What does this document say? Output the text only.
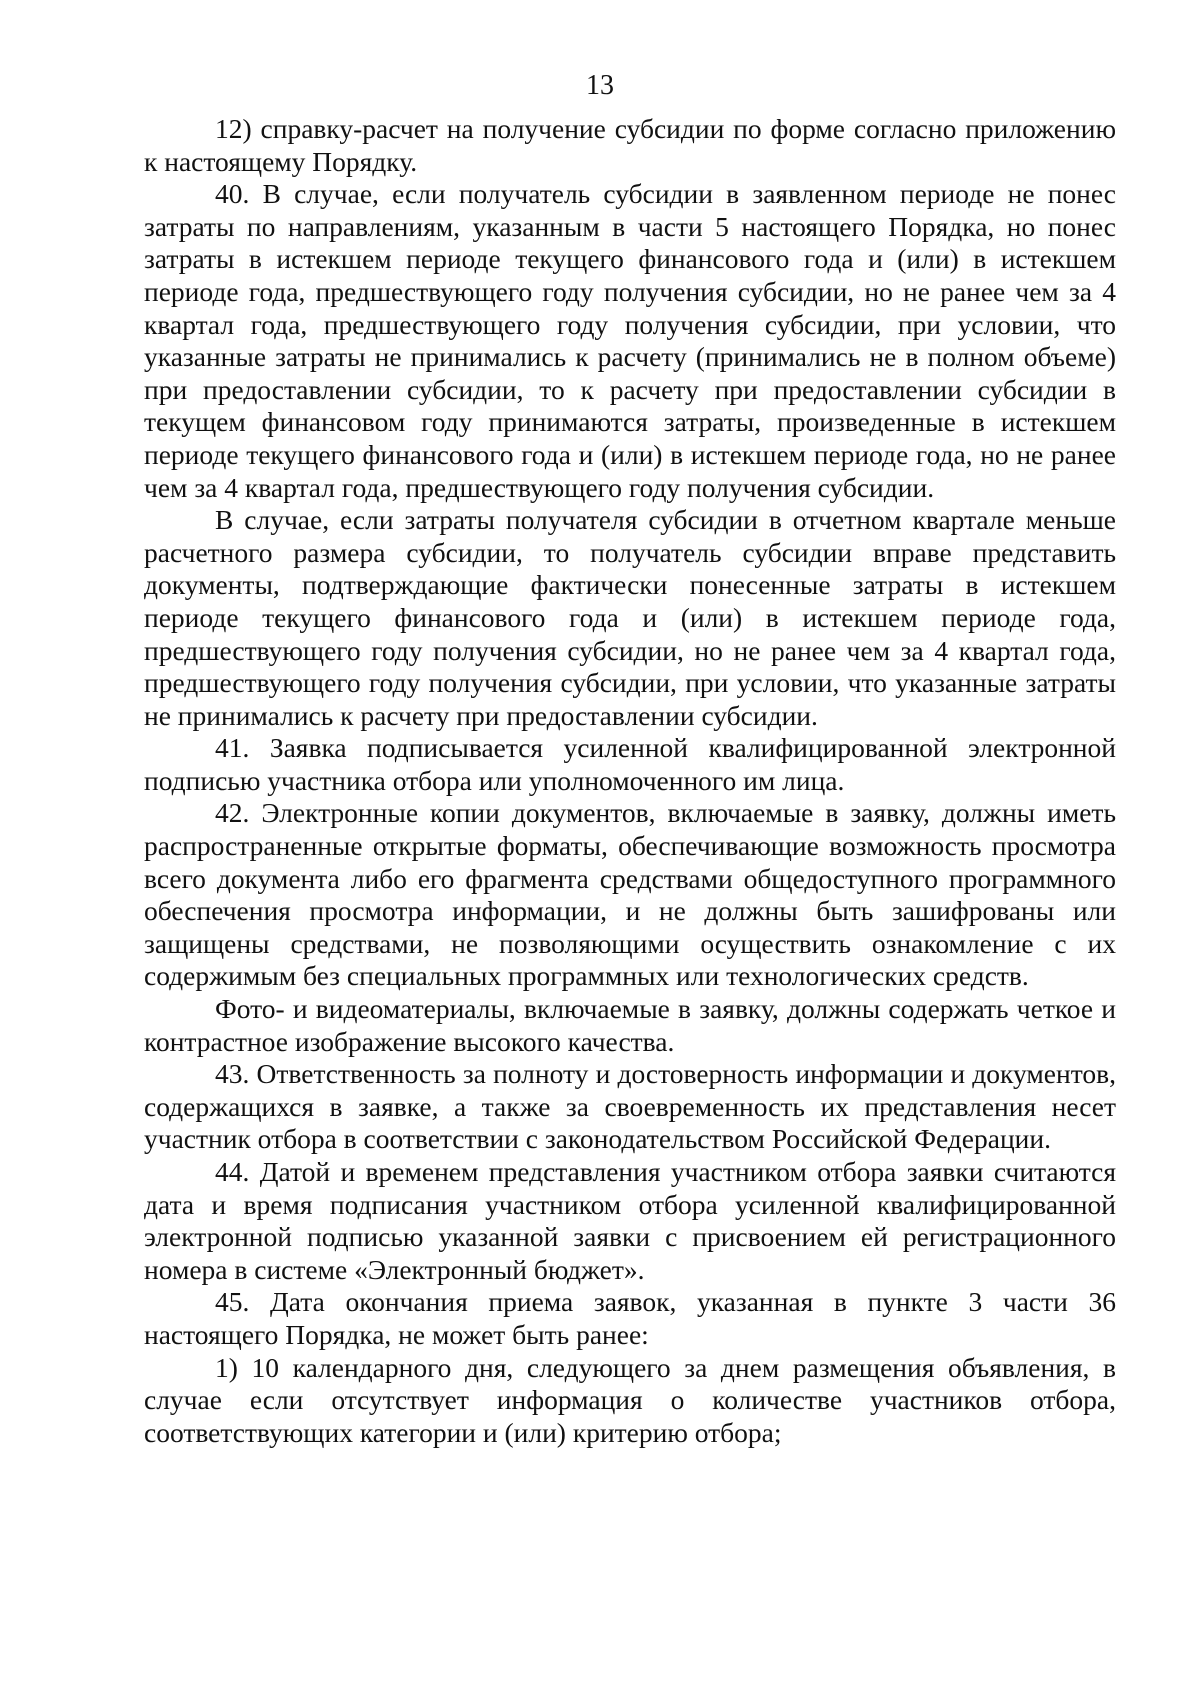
13

12) справку-расчет на получение субсидии по форме согласно приложению к настоящему Порядку.

40. В случае, если получатель субсидии в заявленном периоде не понес затраты по направлениям, указанным в части 5 настоящего Порядка, но понес затраты в истекшем периоде текущего финансового года и (или) в истекшем периоде года, предшествующего году получения субсидии, но не ранее чем за 4 квартал года, предшествующего году получения субсидии, при условии, что указанные затраты не принимались к расчету (принимались не в полном объеме) при предоставлении субсидии, то к расчету при предоставлении субсидии в текущем финансовом году принимаются затраты, произведенные в истекшем периоде текущего финансового года и (или) в истекшем периоде года, но не ранее чем за 4 квартал года, предшествующего году получения субсидии.

В случае, если затраты получателя субсидии в отчетном квартале меньше расчетного размера субсидии, то получатель субсидии вправе представить документы, подтверждающие фактически понесенные затраты в истекшем периоде текущего финансового года и (или) в истекшем периоде года, предшествующего году получения субсидии, но не ранее чем за 4 квартал года, предшествующего году получения субсидии, при условии, что указанные затраты не принимались к расчету при предоставлении субсидии.

41. Заявка подписывается усиленной квалифицированной электронной подписью участника отбора или уполномоченного им лица.

42. Электронные копии документов, включаемые в заявку, должны иметь распространенные открытые форматы, обеспечивающие возможность просмотра всего документа либо его фрагмента средствами общедоступного программного обеспечения просмотра информации, и не должны быть зашифрованы или защищены средствами, не позволяющими осуществить ознакомление с их содержимым без специальных программных или технологических средств.

Фото- и видеоматериалы, включаемые в заявку, должны содержать четкое и контрастное изображение высокого качества.

43. Ответственность за полноту и достоверность информации и документов, содержащихся в заявке, а также за своевременность их представления несет участник отбора в соответствии с законодательством Российской Федерации.

44. Датой и временем представления участником отбора заявки считаются дата и время подписания участником отбора усиленной квалифицированной электронной подписью указанной заявки с присвоением ей регистрационного номера в системе «Электронный бюджет».

45. Дата окончания приема заявок, указанная в пункте 3 части 36 настоящего Порядка, не может быть ранее:

1) 10 календарного дня, следующего за днем размещения объявления, в случае если отсутствует информация о количестве участников отбора, соответствующих категории и (или) критерию отбора;
